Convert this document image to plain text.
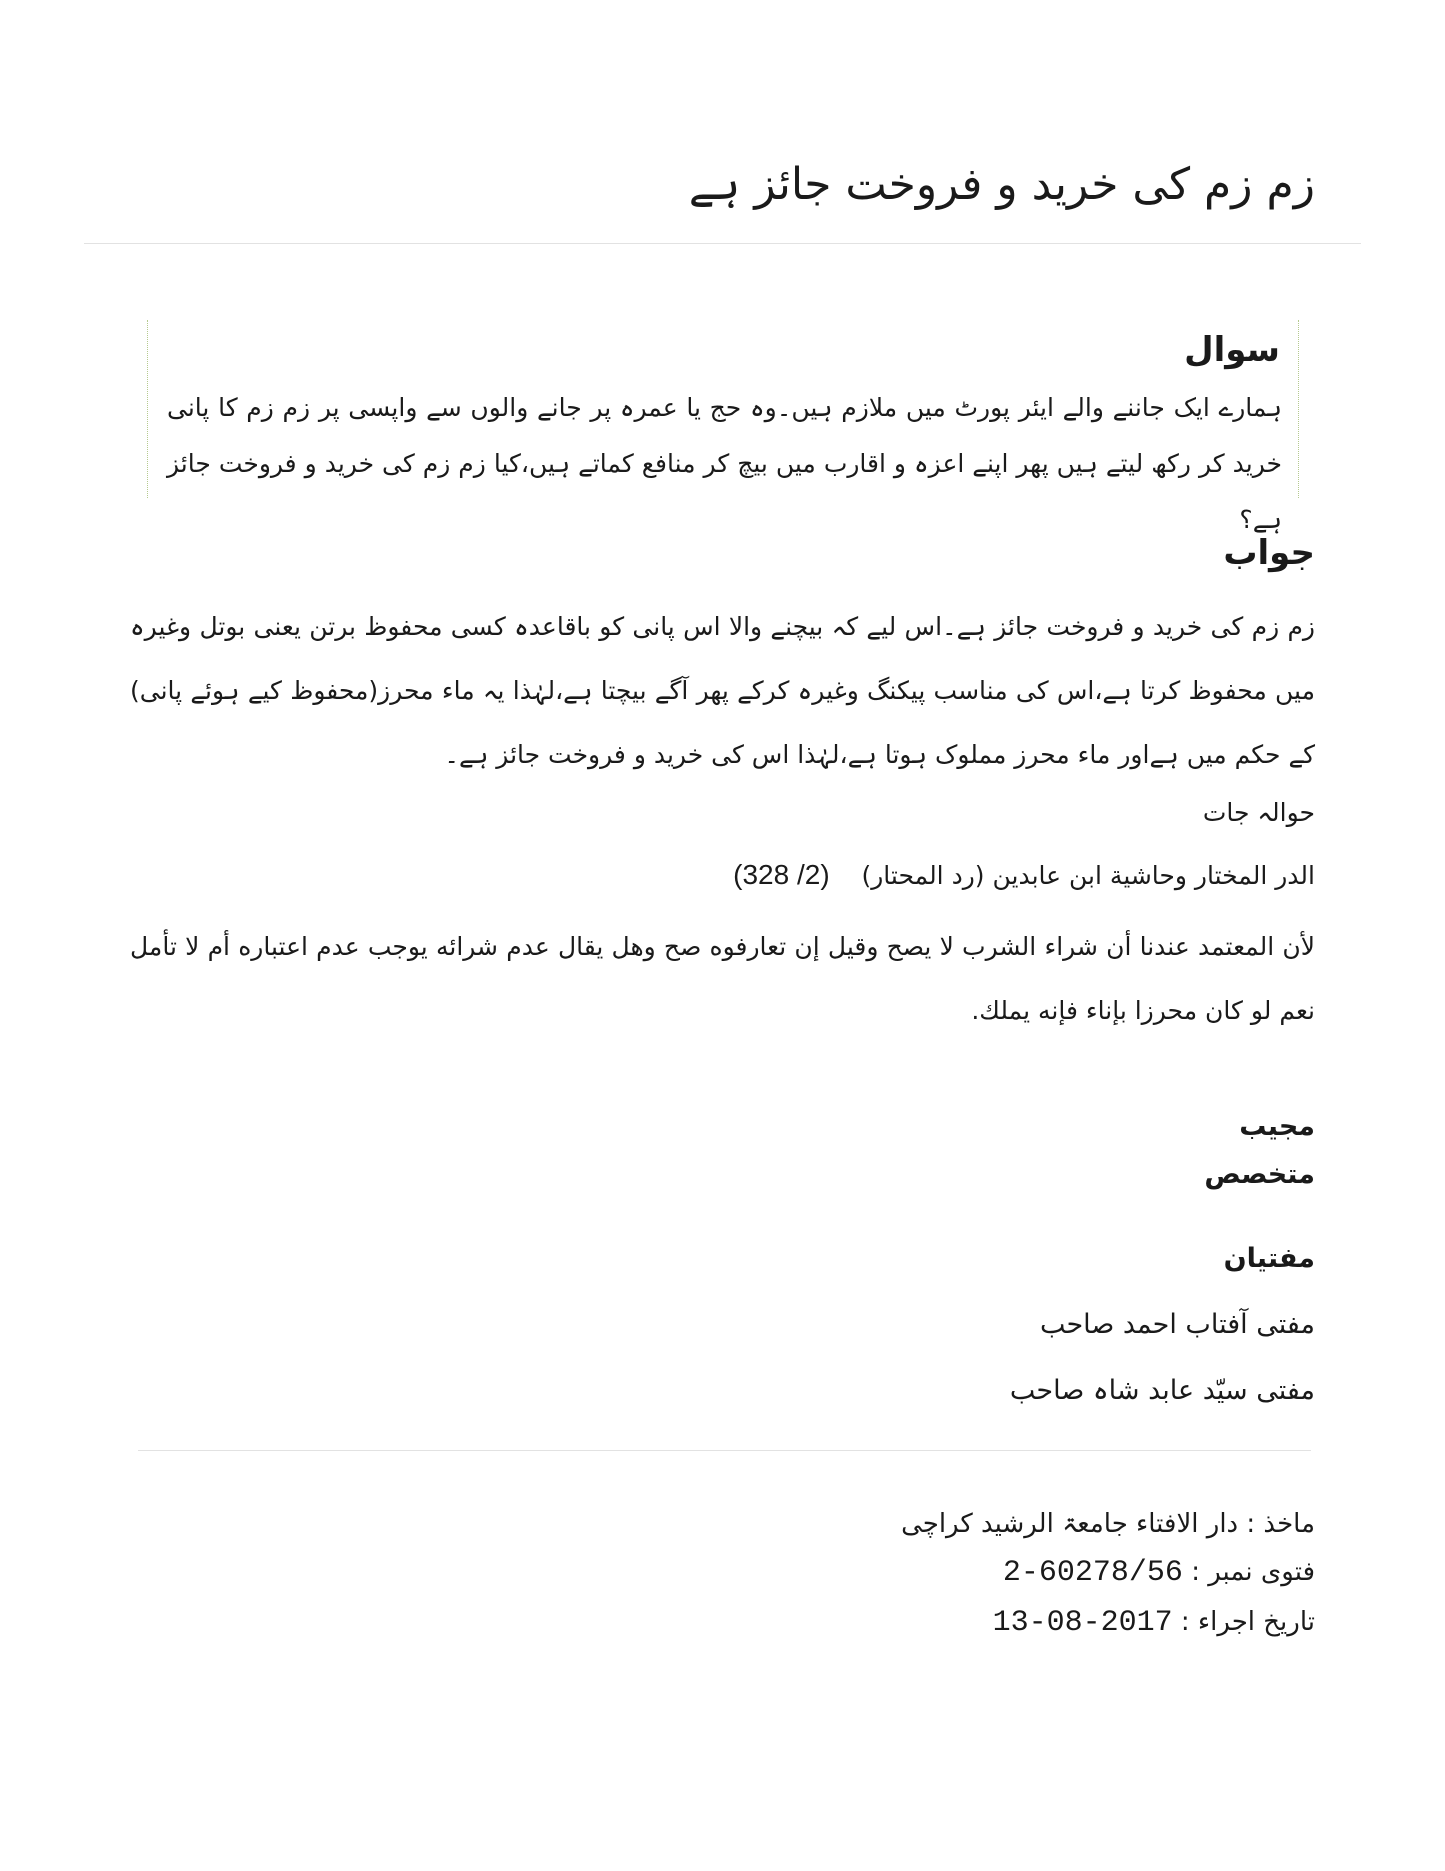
زم زم کی خرید و فروخت جائز ہے
سوال

ہمارے ایک جاننے والے ایئر پورٹ میں ملازم ہیں۔وہ حج یا عمرہ پر جانے والوں سے واپسی پر زم زم کا پانی خرید کر رکھ لیتے ہیں پھر اپنے اعزہ و اقارب میں بیچ کر منافع کماتے ہیں،کیا زم زم کی خرید و فروخت جائز ہے؟

جواب

زم زم کی خرید و فروخت جائز ہے۔اس لیے کہ بیچنے والا اس پانی کو باقاعدہ کسی محفوظ برتن یعنی بوتل وغیرہ میں محفوظ کرتا ہے،اس کی مناسب پیکنگ وغیرہ کرکے پھر آگے بیچتا ہے،لہٰذا یہ ماء محرز(محفوظ کیے ہوئے پانی) کے حکم میں ہےاور ماء محرز مملوک ہوتا ہے،لہٰذا اس کی خرید و فروخت جائز ہے۔

حوالہ جات

الدر المختار وحاشية ابن عابدين (رد المحتار)    (2/ 328)

لأن المعتمد عندنا أن شراء الشرب لا يصح وقيل إن تعارفوه صح وهل يقال عدم شرائه يوجب عدم اعتباره أم لا تأمل نعم لو كان محرزا بإناء فإنه يملك.

مجیب
متخصص
مفتیان
مفتی آفتاب احمد صاحب
مفتی سیّد عابد شاہ صاحب
ماخذ : دار الافتاء جامعۃ الرشید کراچی
فتوی نمبر : 2-60278/56
تاریخ اجراء : 13-08-2017
